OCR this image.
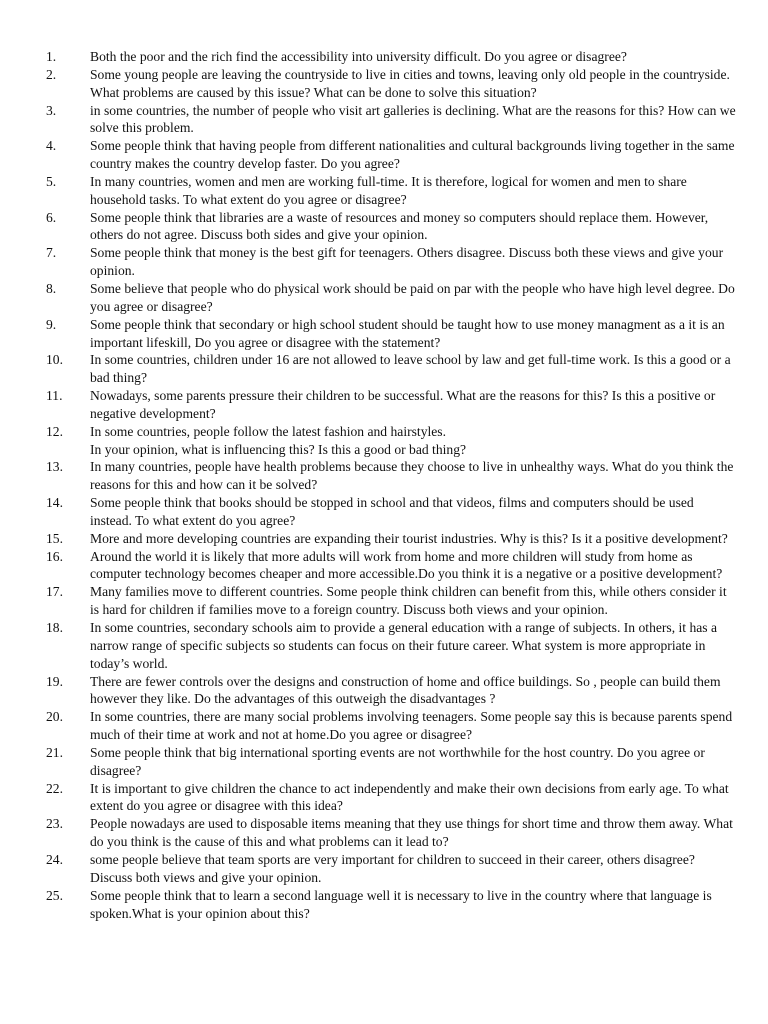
1.	Both the poor and the rich find the accessibility into university difficult. Do you agree or disagree?
2.	Some young people are leaving the countryside to live in cities and towns, leaving only old people in the countryside. What problems are caused by this issue? What can be done to solve this situation?
3.	in some countries, the number of people who visit art galleries is declining. What are the reasons for this? How can we solve this problem.
4.	Some people think that having people from different nationalities and cultural backgrounds living together in the same country makes the country develop faster. Do you agree?
5.	In many countries, women and men are working full-time. It is therefore, logical for women and men to share household tasks. To what extent do you agree or disagree?
6.	Some people think that libraries are a waste of resources and money so computers should replace them. However, others do not agree. Discuss both sides and give your opinion.
7.	Some people think that money is the best gift for teenagers. Others disagree. Discuss both these views and give your opinion.
8.	Some believe that people who do physical work should be paid on par with the people who have high level degree. Do you agree or disagree?
9.	Some people think that secondary or high school student should be taught how to use money managment as a it is an important lifeskill, Do you agree or disagree with the statement?
10.	In some countries, children under 16 are not allowed to leave school by law and get full-time work. Is this a good or a bad thing?
11.	Nowadays, some parents pressure their children to be successful. What are the reasons for this? Is this a positive or negative development?
12.	In some countries, people follow the latest fashion and hairstyles.
In your opinion, what is influencing this? Is this a good or bad thing?
13.	In many countries, people have health problems because they choose to live in unhealthy ways. What do you think the reasons for this and how can it be solved?
14.	Some people think that books should be stopped in school and that videos, films and computers should be used instead. To what extent do you agree?
15.	More and more developing countries are expanding their tourist industries. Why is this? Is it a positive development?
16.	Around the world it is likely that more adults will work from home and more children will study from home as computer technology becomes cheaper and more accessible.Do you think it is a negative or a positive development?
17.	Many families move to different countries. Some people think children can benefit from this, while others consider it is hard for children if families move to a foreign country. Discuss both views and your opinion.
18.	In some countries, secondary schools aim to provide a general education with a range of subjects. In others, it has a narrow range of specific subjects so students can focus on their future career. What system is more appropriate in today’s world.
19.	There are fewer controls over the designs and construction of home and office buildings. So , people can build them however they like. Do the advantages of this outweigh the disadvantages ?
20.	In some countries, there are many social problems involving teenagers. Some people say this is because parents spend much of their time at work and not at home.Do you agree or disagree?
21.	Some people think that big international sporting events are not worthwhile for the host country. Do you agree or disagree?
22.	It is important to give children the chance to act independently and make their own decisions from early age. To what extent do you agree or disagree with this idea?
23.	People nowadays are used to disposable items meaning that they use things for short time and throw them away. What do you think is the cause of this and what problems can it lead to?
24.	some people believe that team sports are very important for children to succeed in their career, others disagree? Discuss both views and give your opinion.
25.	Some people think that to learn a second language well it is necessary to live in the country where that language is spoken.What is your opinion about this?
